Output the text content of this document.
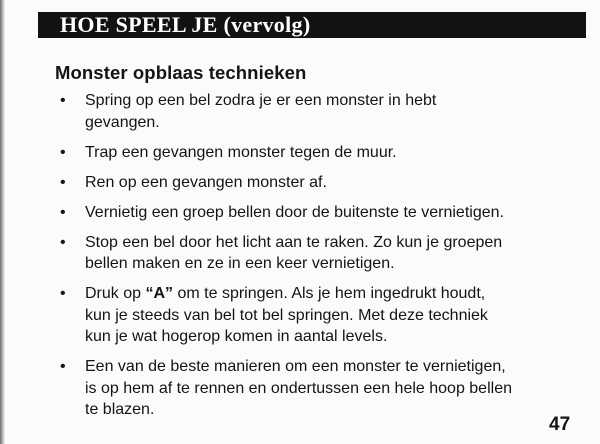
HOE SPEEL JE (vervolg)
Monster opblaas technieken
•	Spring op een bel zodra je er een monster in hebt
gevangen.
•	Trap een gevangen monster tegen de muur.
•	Ren op een gevangen monster af.
•	Vernietig een groep bellen door de buitenste te vernietigen.
•	Stop een bel door het licht aan te raken. Zo kun je groepen
bellen maken en ze in een keer vernietigen.
•	Druk op “A” om te springen. Als je hem ingedrukt houdt,
kun je steeds van bel tot bel springen. Met deze techniek
kun je wat hogerop komen in aantal levels.
•	Een van de beste manieren om een monster te vernietigen,
is op hem af te rennen en ondertussen een hele hoop bellen
te blazen.
47
